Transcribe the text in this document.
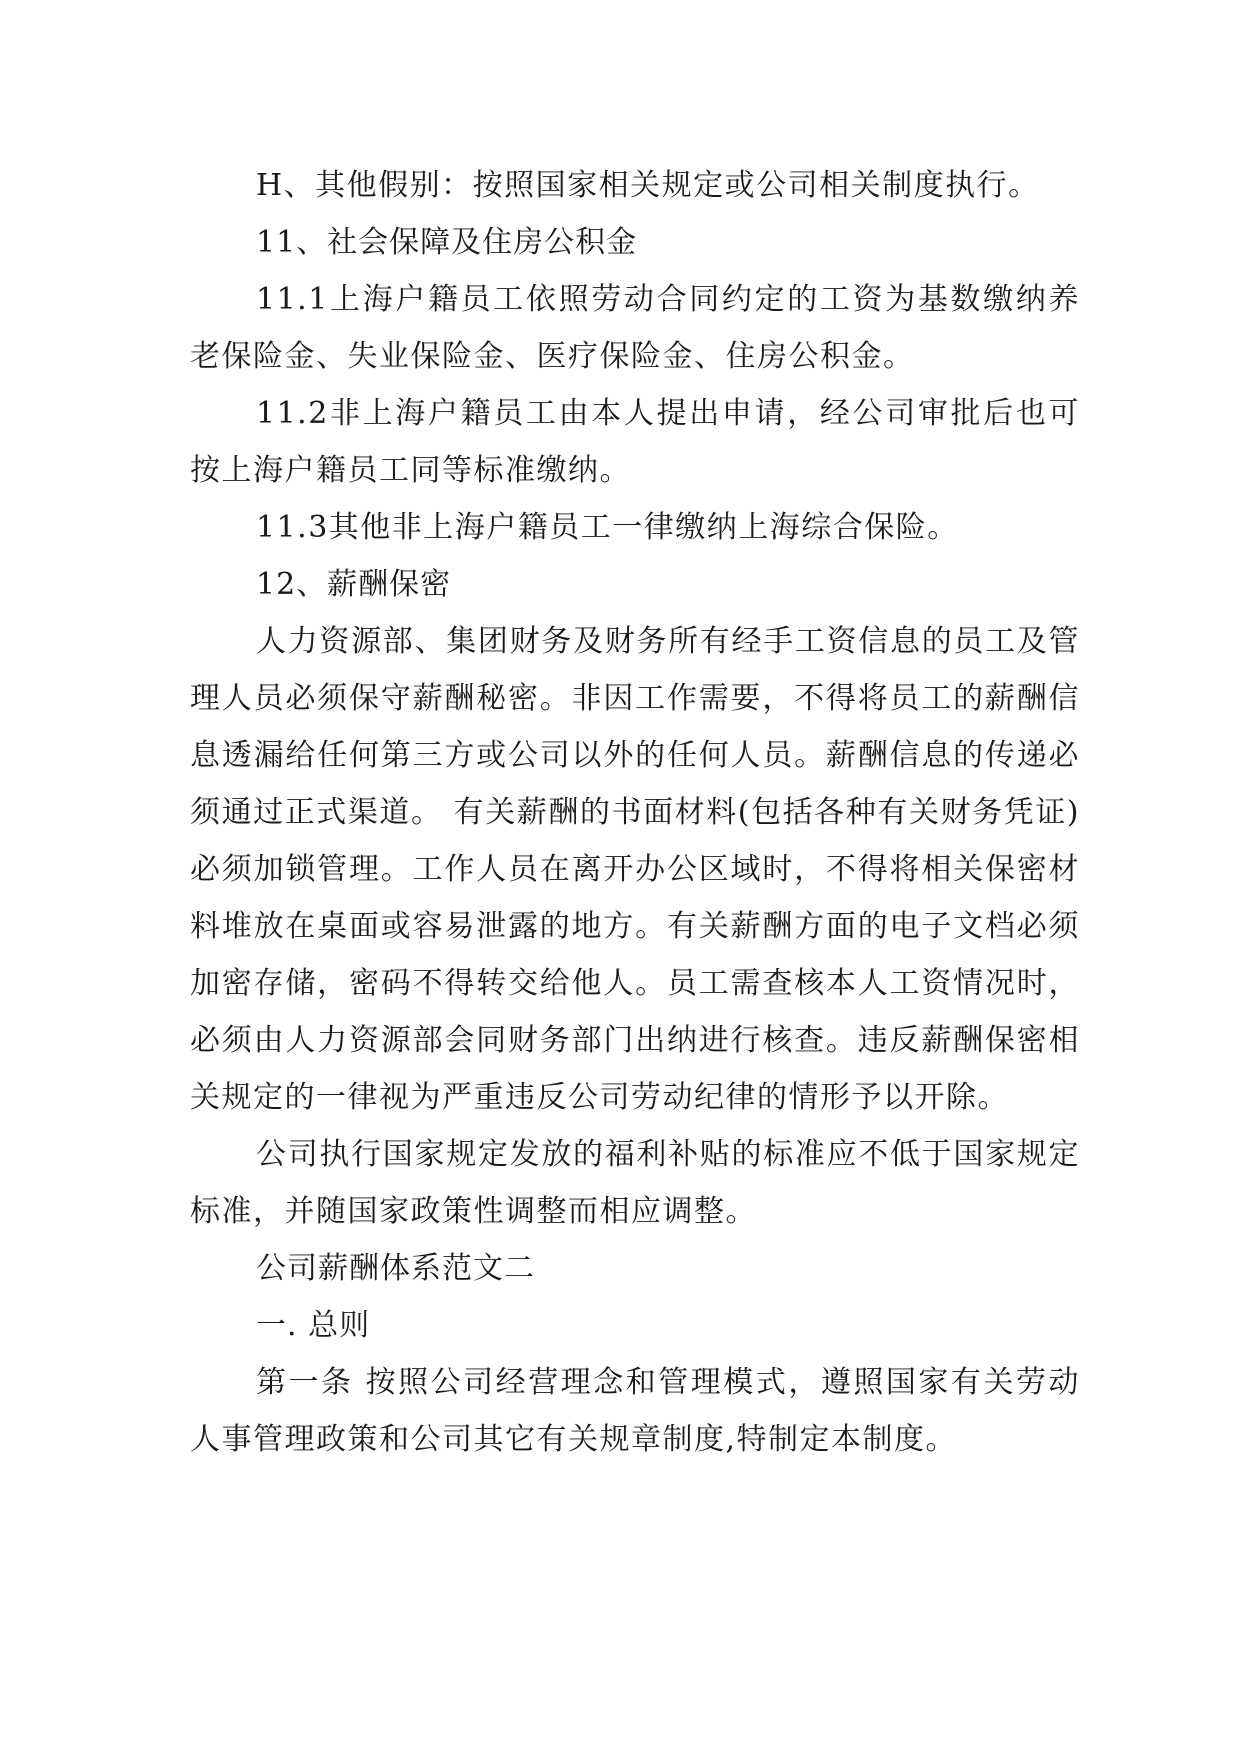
H、其他假别：按照国家相关规定或公司相关制度执行。

11、社会保障及住房公积金

11.1上海户籍员工依照劳动合同约定的工资为基数缴纳养老保险金、失业保险金、医疗保险金、住房公积金。

11.2非上海户籍员工由本人提出申请，经公司审批后也可按上海户籍员工同等标准缴纳。

11.3其他非上海户籍员工一律缴纳上海综合保险。

12、薪酬保密

人力资源部、集团财务及财务所有经手工资信息的员工及管理人员必须保守薪酬秘密。非因工作需要，不得将员工的薪酬信息透漏给任何第三方或公司以外的任何人员。薪酬信息的传递必须通过正式渠道。 有关薪酬的书面材料(包括各种有关财务凭证)必须加锁管理。工作人员在离开办公区域时，不得将相关保密材料堆放在桌面或容易泄露的地方。有关薪酬方面的电子文档必须加密存储，密码不得转交给他人。员工需查核本人工资情况时，必须由人力资源部会同财务部门出纳进行核查。违反薪酬保密相关规定的一律视为严重违反公司劳动纪律的情形予以开除。

公司执行国家规定发放的福利补贴的标准应不低于国家规定标准，并随国家政策性调整而相应调整。

公司薪酬体系范文二

一. 总则

第一条 按照公司经营理念和管理模式，遵照国家有关劳动人事管理政策和公司其它有关规章制度,特制定本制度。
